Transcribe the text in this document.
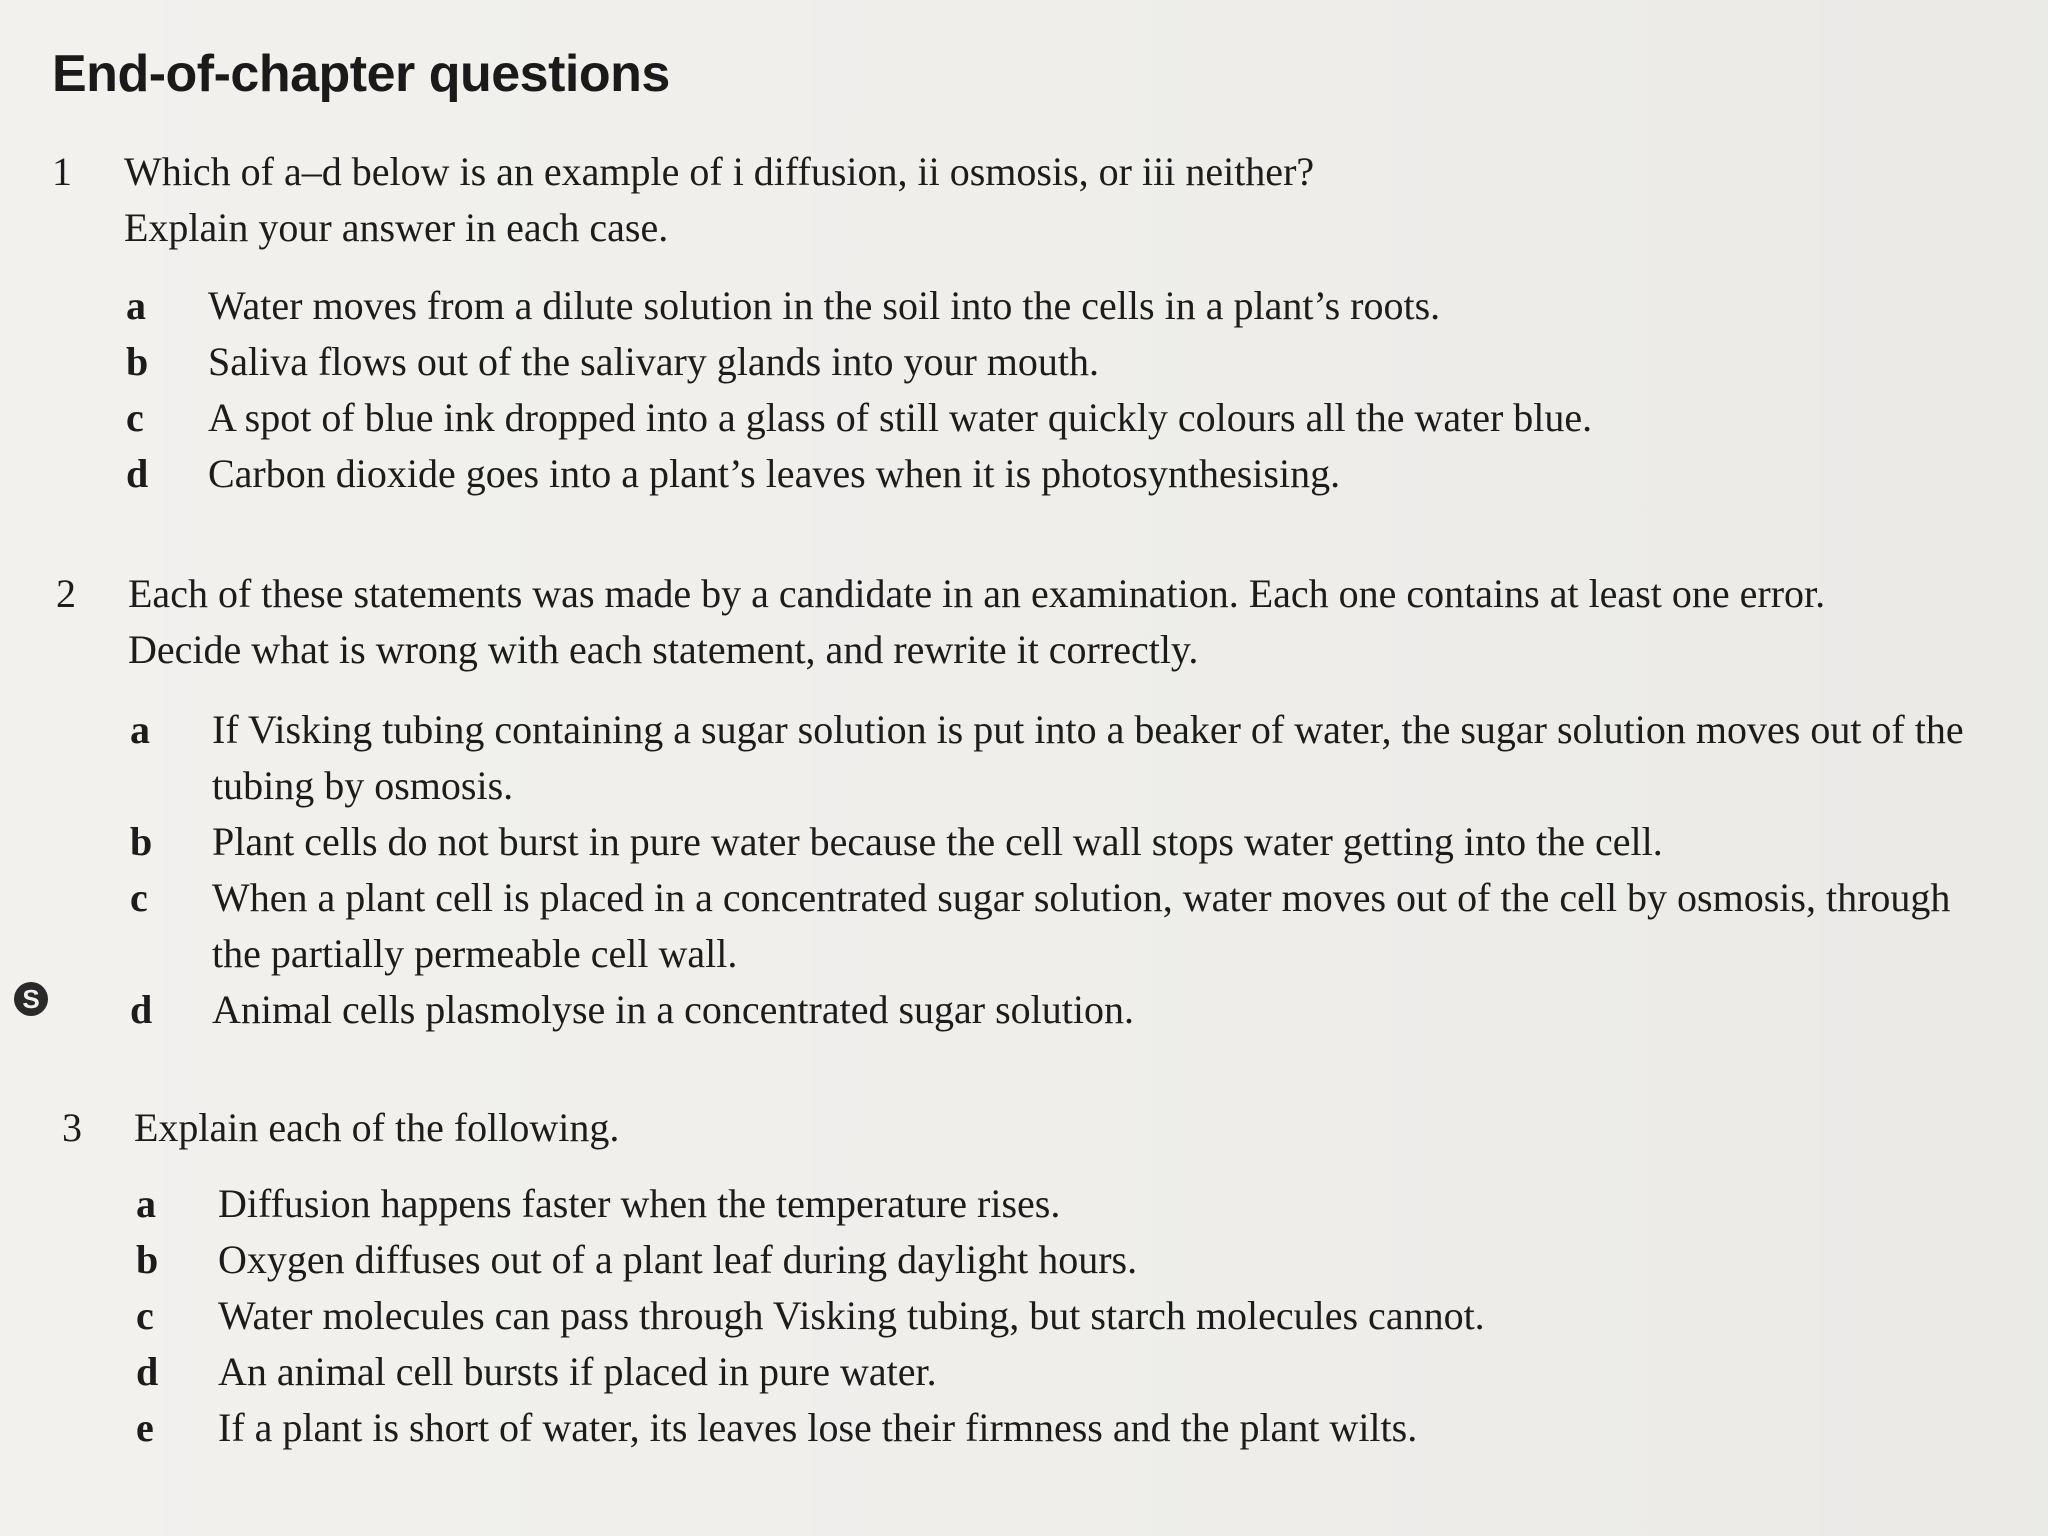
End-of-chapter questions
1	Which of a–d below is an example of i diffusion, ii osmosis, or iii neither?
Explain your answer in each case.
a	Water moves from a dilute solution in the soil into the cells in a plant’s roots.
b	Saliva flows out of the salivary glands into your mouth.
c	A spot of blue ink dropped into a glass of still water quickly colours all the water blue.
d	Carbon dioxide goes into a plant’s leaves when it is photosynthesising.
2	Each of these statements was made by a candidate in an examination. Each one contains at least one error.
Decide what is wrong with each statement, and rewrite it correctly.
a	If Visking tubing containing a sugar solution is put into a beaker of water, the sugar solution moves out of the tubing by osmosis.
b	Plant cells do not burst in pure water because the cell wall stops water getting into the cell.
c	When a plant cell is placed in a concentrated sugar solution, water moves out of the cell by osmosis, through the partially permeable cell wall.
d	Animal cells plasmolyse in a concentrated sugar solution.
S
3	Explain each of the following.
a	Diffusion happens faster when the temperature rises.
b	Oxygen diffuses out of a plant leaf during daylight hours.
c	Water molecules can pass through Visking tubing, but starch molecules cannot.
d	An animal cell bursts if placed in pure water.
e	If a plant is short of water, its leaves lose their firmness and the plant wilts.
